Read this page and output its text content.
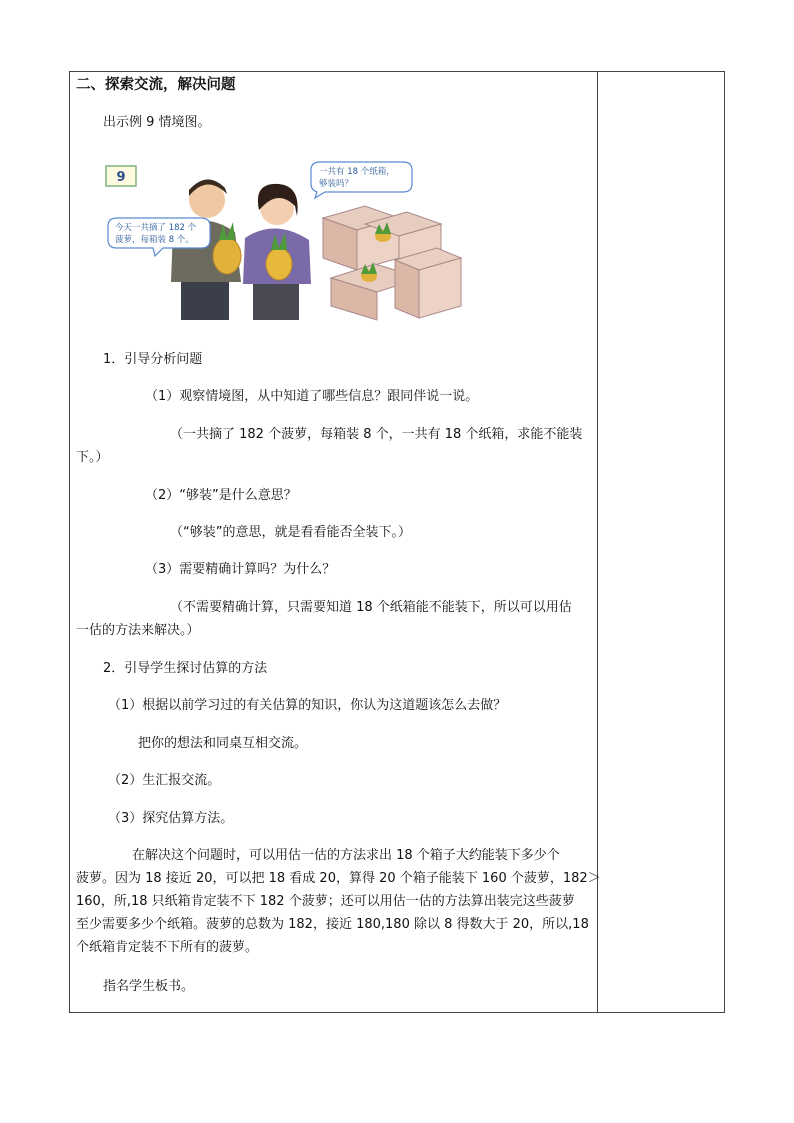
二、探索交流，解决问题
出示例 9 情境图。
9
今天一共摘了 182 个
菠萝，每箱装 8 个。
一共有 18 个纸箱，
够装吗？
1．引导分析问题
（1）观察情境图，从中知道了哪些信息？跟同伴说一说。
（一共摘了 182 个菠萝，每箱装 8 个，一共有 18 个纸箱，求能不能装
下。）
（2）“够装”是什么意思？
（“够装”的意思，就是看看能否全装下。）
（3）需要精确计算吗？为什么？
（不需要精确计算，只需要知道 18 个纸箱能不能装下，所以可以用估
一估的方法来解决。）
2．引导学生探讨估算的方法
（1）根据以前学习过的有关估算的知识，你认为这道题该怎么去做？
把你的想法和同桌互相交流。
（2）生汇报交流。
（3）探究估算方法。
在解决这个问题时，可以用估一估的方法求出 18 个箱子大约能装下多少个
菠萝。因为 18 接近 20，可以把 18 看成 20，算得 20 个箱子能装下 160 个菠萝，182＞
160，所,18 只纸箱肯定装不下 182 个菠萝；还可以用估一估的方法算出装完这些菠萝
至少需要多少个纸箱。菠萝的总数为 182，接近 180,180 除以 8 得数大于 20，所以,18
个纸箱肯定装不下所有的菠萝。
指名学生板书。
